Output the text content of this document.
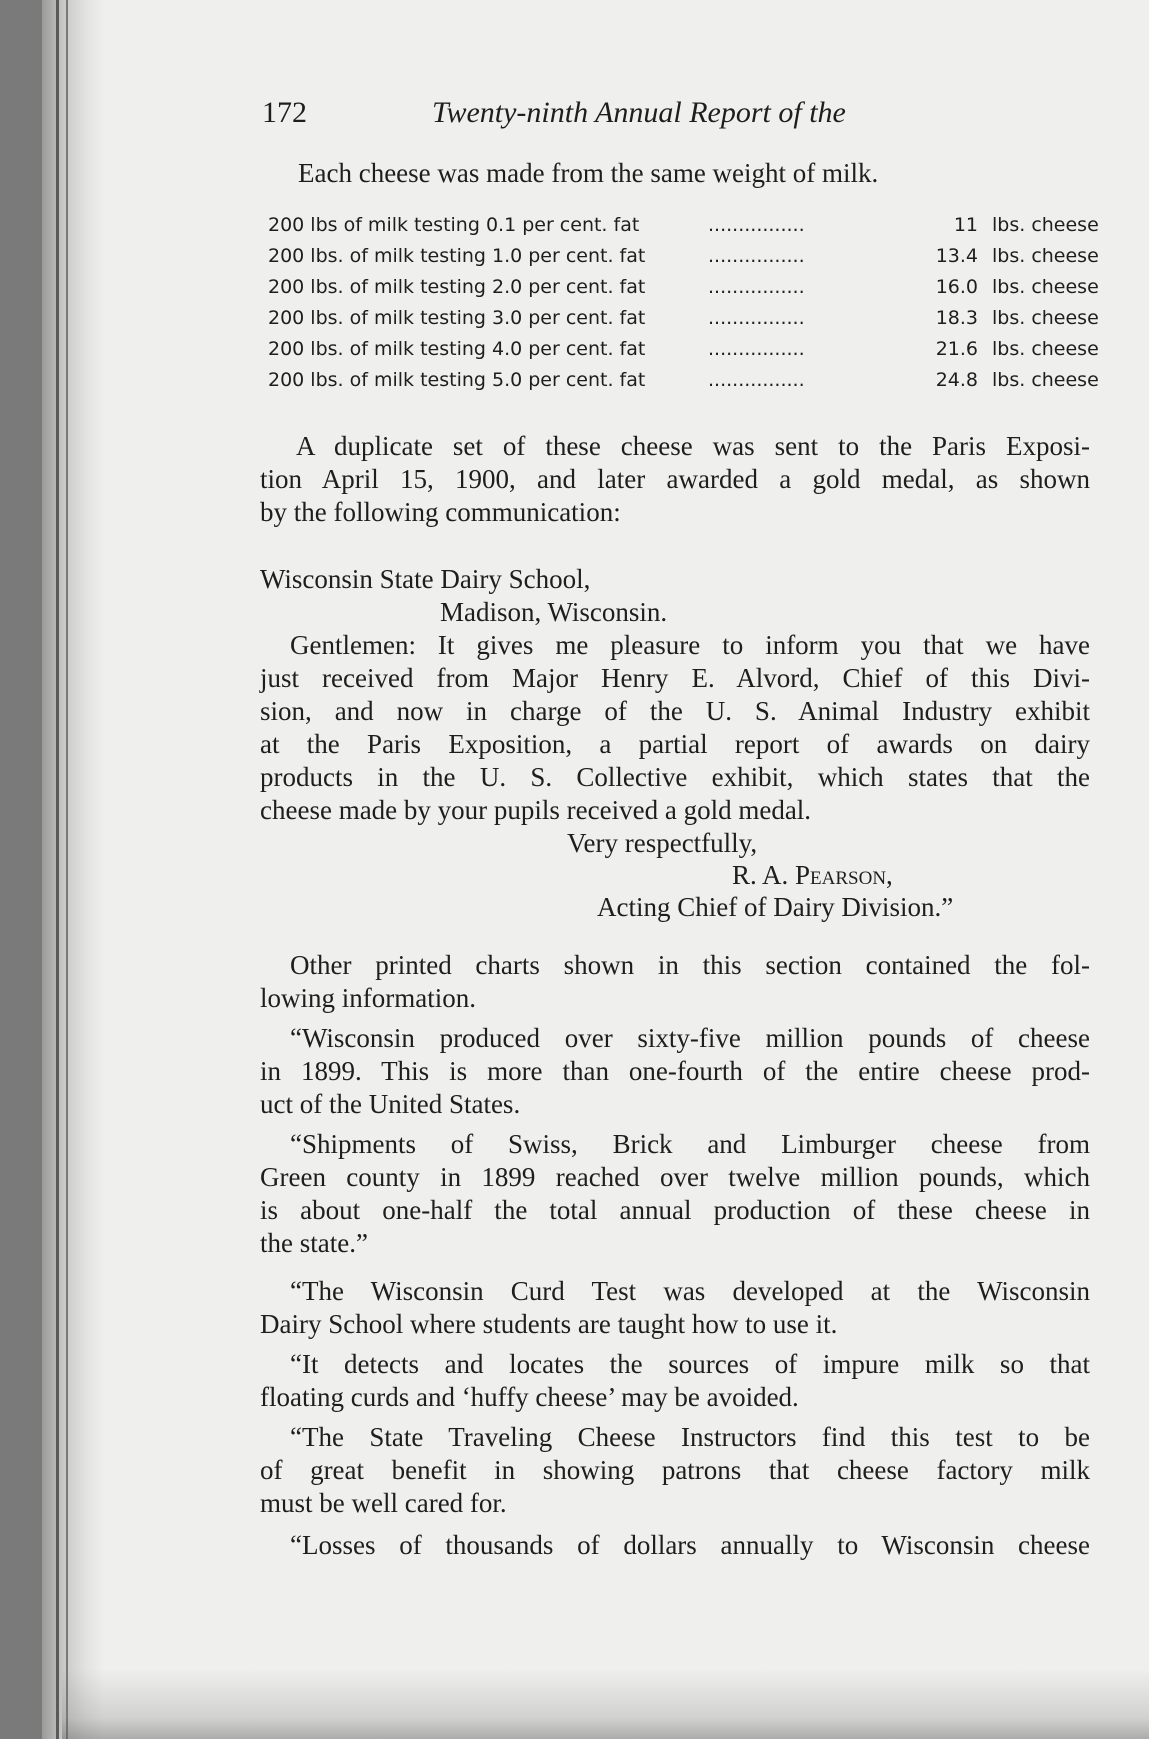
172	Twenty-ninth Annual Report of the
Each cheese was made from the same weight of milk.
200 lbs of milk testing 0.1 per cent. fat	................	11 lbs. cheese
200 lbs. of milk testing 1.0 per cent. fat	................	13.4 lbs. cheese
200 lbs. of milk testing 2.0 per cent. fat	................	16.0 lbs. cheese
200 lbs. of milk testing 3.0 per cent. fat	................	18.3 lbs. cheese
200 lbs. of milk testing 4.0 per cent. fat	................	21.6 lbs. cheese
200 lbs. of milk testing 5.0 per cent. fat	................	24.8 lbs. cheese
A duplicate set of these cheese was sent to the Paris Exposi-
tion April 15, 1900, and later awarded a gold medal, as shown
by the following communication:
Wisconsin State Dairy School,
Madison, Wisconsin.
Gentlemen: It gives me pleasure to inform you that we have
just received from Major Henry E. Alvord, Chief of this Divi-
sion, and now in charge of the U. S. Animal Industry exhibit
at the Paris Exposition, a partial report of awards on dairy
products in the U. S. Collective exhibit, which states that the
cheese made by your pupils received a gold medal.
Very respectfully,
R. A. Pearson,
Acting Chief of Dairy Division.”
Other printed charts shown in this section contained the fol-
lowing information.
“Wisconsin produced over sixty-five million pounds of cheese
in 1899. This is more than one-fourth of the entire cheese prod-
uct of the United States.
“Shipments of Swiss, Brick and Limburger cheese from
Green county in 1899 reached over twelve million pounds, which
is about one-half the total annual production of these cheese in
the state.”
“The Wisconsin Curd Test was developed at the Wisconsin
Dairy School where students are taught how to use it.
“It detects and locates the sources of impure milk so that
floating curds and ‘huffy cheese’ may be avoided.
“The State Traveling Cheese Instructors find this test to be
of great benefit in showing patrons that cheese factory milk
must be well cared for.
“Losses of thousands of dollars annually to Wisconsin cheese
